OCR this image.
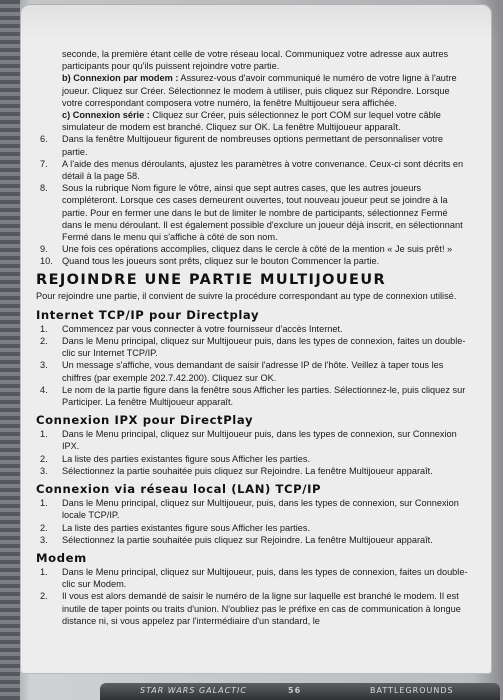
seconde, la première étant celle de votre réseau local. Communiquez votre adresse aux autres participants pour qu'ils puissent rejoindre votre partie.

b) Connexion par modem : Assurez-vous d'avoir communiqué le numéro de votre ligne à l'autre joueur. Cliquez sur Créer. Sélectionnez le modem à utiliser, puis cliquez sur Répondre. Lorsque votre correspondant composera votre numéro, la fenêtre Multijoueur sera affichée.

c) Connexion série : Cliquez sur Créer, puis sélectionnez le port COM sur lequel votre câble simulateur de modem est branché. Cliquez sur OK. La fenêtre Multijoueur apparaît.

6. Dans la fenêtre Multijoueur figurent de nombreuses options permettant de personnaliser votre partie.
7. A l'aide des menus déroulants, ajustez les paramètres à votre convenance. Ceux-ci sont décrits en détail à la page 58.
8. Sous la rubrique Nom figure le vôtre, ainsi que sept autres cases, que les autres joueurs compléteront. Lorsque ces cases demeurent ouvertes, tout nouveau joueur peut se joindre à la partie. Pour en fermer une dans le but de limiter le nombre de participants, sélectionnez Fermé dans le menu déroulant. Il est également possible d'exclure un joueur déjà inscrit, en sélectionnant Fermé dans le menu qui s'affiche à côté de son nom.
9. Une fois ces opérations accomplies, cliquez dans le cercle à côté de la mention « Je suis prêt! »
10. Quand tous les joueurs sont prêts, cliquez sur le bouton Commencer la partie.
REJOINDRE UNE PARTIE MULTIJOUEUR

Pour rejoindre une partie, il convient de suivre la procédure correspondant au type de connexion utilisé.

Internet TCP/IP pour Directplay
1. Commencez par vous connecter à votre fournisseur d'accès Internet.
2. Dans le Menu principal, cliquez sur Multijoueur puis, dans les types de connexion, faites un double-clic sur Internet TCP/IP.
3. Un message s'affiche, vous demandant de saisir l'adresse IP de l'hôte. Veillez à taper tous les chiffres (par exemple 202.7.42.200). Cliquez sur OK.
4. Le nom de la partie figure dans la fenêtre sous Afficher les parties. Sélectionnez-le, puis cliquez sur Participer. La fenêtre Multijoueur apparaît.
Connexion IPX pour DirectPlay
1. Dans le Menu principal, cliquez sur Multijoueur puis, dans les types de connexion, sur Connexion IPX.
2. La liste des parties existantes figure sous Afficher les parties.
3. Sélectionnez la partie souhaitée puis cliquez sur Rejoindre. La fenêtre Multijoueur apparaît.
Connexion via réseau local (LAN) TCP/IP
1. Dans le Menu principal, cliquez sur Multijoueur, puis, dans les types de connexion, sur Connexion locale TCP/IP.
2. La liste des parties existantes figure sous Afficher les parties.
3. Sélectionnez la partie souhaitée puis cliquez sur Rejoindre. La fenêtre Multijoueur apparaît.
Modem
1. Dans le Menu principal, cliquez sur Multijoueur, puis, dans les types de connexion, faites un double-clic sur Modem.
2. Il vous est alors demandé de saisir le numéro de la ligne sur laquelle est branché le modem. Il est inutile de taper points ou traits d'union. N'oubliez pas le préfixe en cas de communication à longue distance ni, si vous appelez par l'intermédiaire d'un standard, le
STAR WARS GALACTIC	56	BATTLEGROUNDS
